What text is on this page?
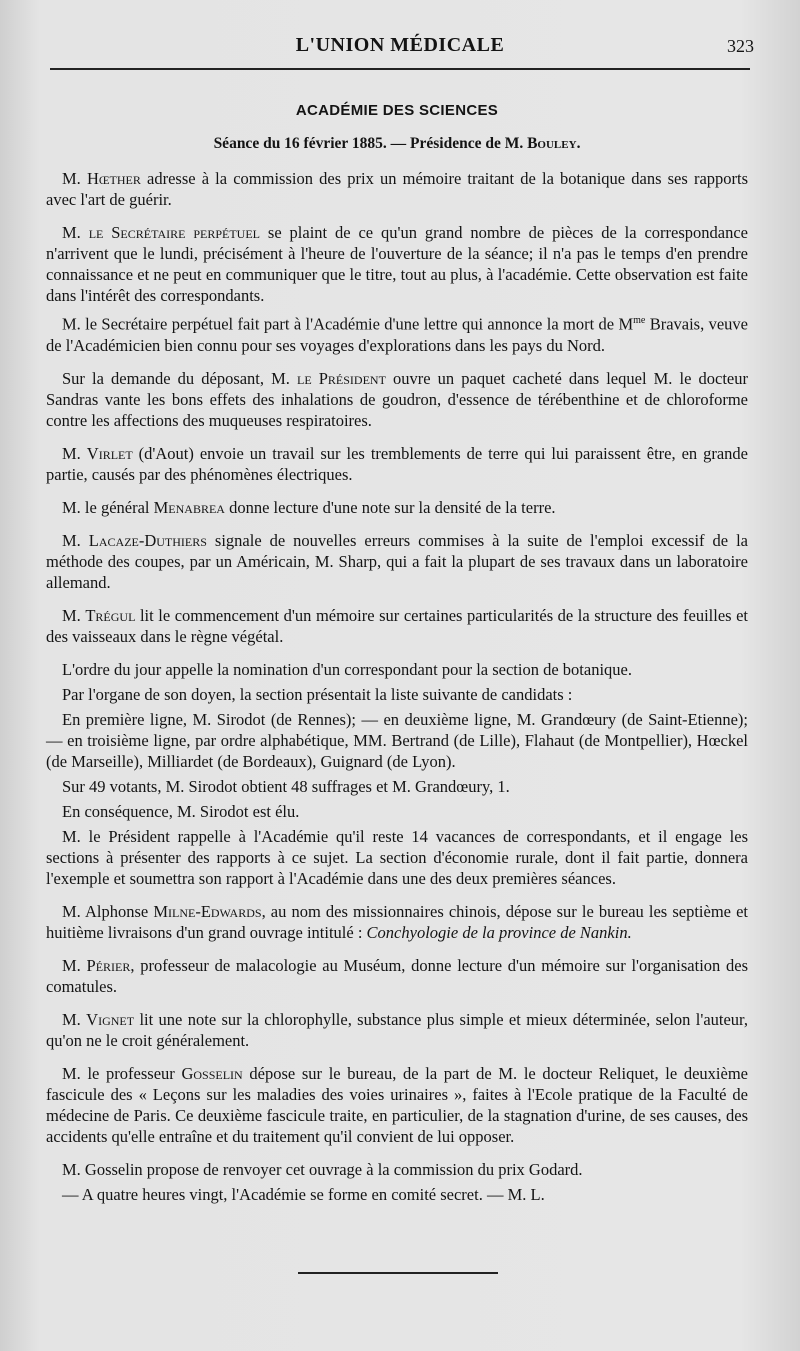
L'UNION MÉDICALE	323
ACADÉMIE DES SCIENCES
Séance du 16 février 1885. — Présidence de M. Bouley.

M. Hœther adresse à la commission des prix un mémoire traitant de la botanique dans ses rapports avec l'art de guérir.

M. le Secrétaire perpétuel se plaint de ce qu'un grand nombre de pièces de la correspondance n'arrivent que le lundi, précisément à l'heure de l'ouverture de la séance; il n'a pas le temps d'en prendre connaissance et ne peut en communiquer que le titre, tout au plus, à l'académie. Cette observation est faite dans l'intérêt des correspondants.

M. le Secrétaire perpétuel fait part à l'Académie d'une lettre qui annonce la mort de $M^{me}$ Bravais, veuve de l'Académicien bien connu pour ses voyages d'explorations dans les pays du Nord.

Sur la demande du déposant, M. le Président ouvre un paquet cacheté dans lequel M. le docteur Sandras vante les bons effets des inhalations de goudron, d'essence de térébenthine et de chloroforme contre les affections des muqueuses respiratoires.

M. Virlet (d'Aout) envoie un travail sur les tremblements de terre qui lui paraissent être, en grande partie, causés par des phénomènes électriques.

M. le général Menabrea donne lecture d'une note sur la densité de la terre.

M. Lacaze-Duthiers signale de nouvelles erreurs commises à la suite de l'emploi excessif de la méthode des coupes, par un Américain, M. Sharp, qui a fait la plupart de ses travaux dans un laboratoire allemand.

M. Trégul lit le commencement d'un mémoire sur certaines particularités de la structure des feuilles et des vaisseaux dans le règne végétal.

L'ordre du jour appelle la nomination d'un correspondant pour la section de botanique.

Par l'organe de son doyen, la section présentait la liste suivante de candidats :

En première ligne, M. Sirodot (de Rennes); — en deuxième ligne, M. Grandœury (de Saint-Etienne); — en troisième ligne, par ordre alphabétique, MM. Bertrand (de Lille), Flahaut (de Montpellier), Hœckel (de Marseille), Milliardet (de Bordeaux), Guignard (de Lyon).

Sur 49 votants, M. Sirodot obtient 48 suffrages et M. Grandœury, 1.

En conséquence, M. Sirodot est élu.

M. le Président rappelle à l'Académie qu'il reste 14 vacances de correspondants, et il engage les sections à présenter des rapports à ce sujet. La section d'économie rurale, dont il fait partie, donnera l'exemple et soumettra son rapport à l'Académie dans une des deux premières séances.

M. Alphonse Milne-Edwards, au nom des missionnaires chinois, dépose sur le bureau les septième et huitième livraisons d'un grand ouvrage intitulé : Conchyologie de la province de Nankin.

M. Périer, professeur de malacologie au Muséum, donne lecture d'un mémoire sur l'organisation des comatules.

M. Vignet lit une note sur la chlorophylle, substance plus simple et mieux déterminée, selon l'auteur, qu'on ne le croit généralement.

M. le professeur Gosselin dépose sur le bureau, de la part de M. le docteur Reliquet, le deuxième fascicule des « Leçons sur les maladies des voies urinaires », faites à l'Ecole pratique de la Faculté de médecine de Paris. Ce deuxième fascicule traite, en particulier, de la stagnation d'urine, de ses causes, des accidents qu'elle entraîne et du traitement qu'il convient de lui opposer.

M. Gosselin propose de renvoyer cet ouvrage à la commission du prix Godard.

— A quatre heures vingt, l'Académie se forme en comité secret. — M. L.
